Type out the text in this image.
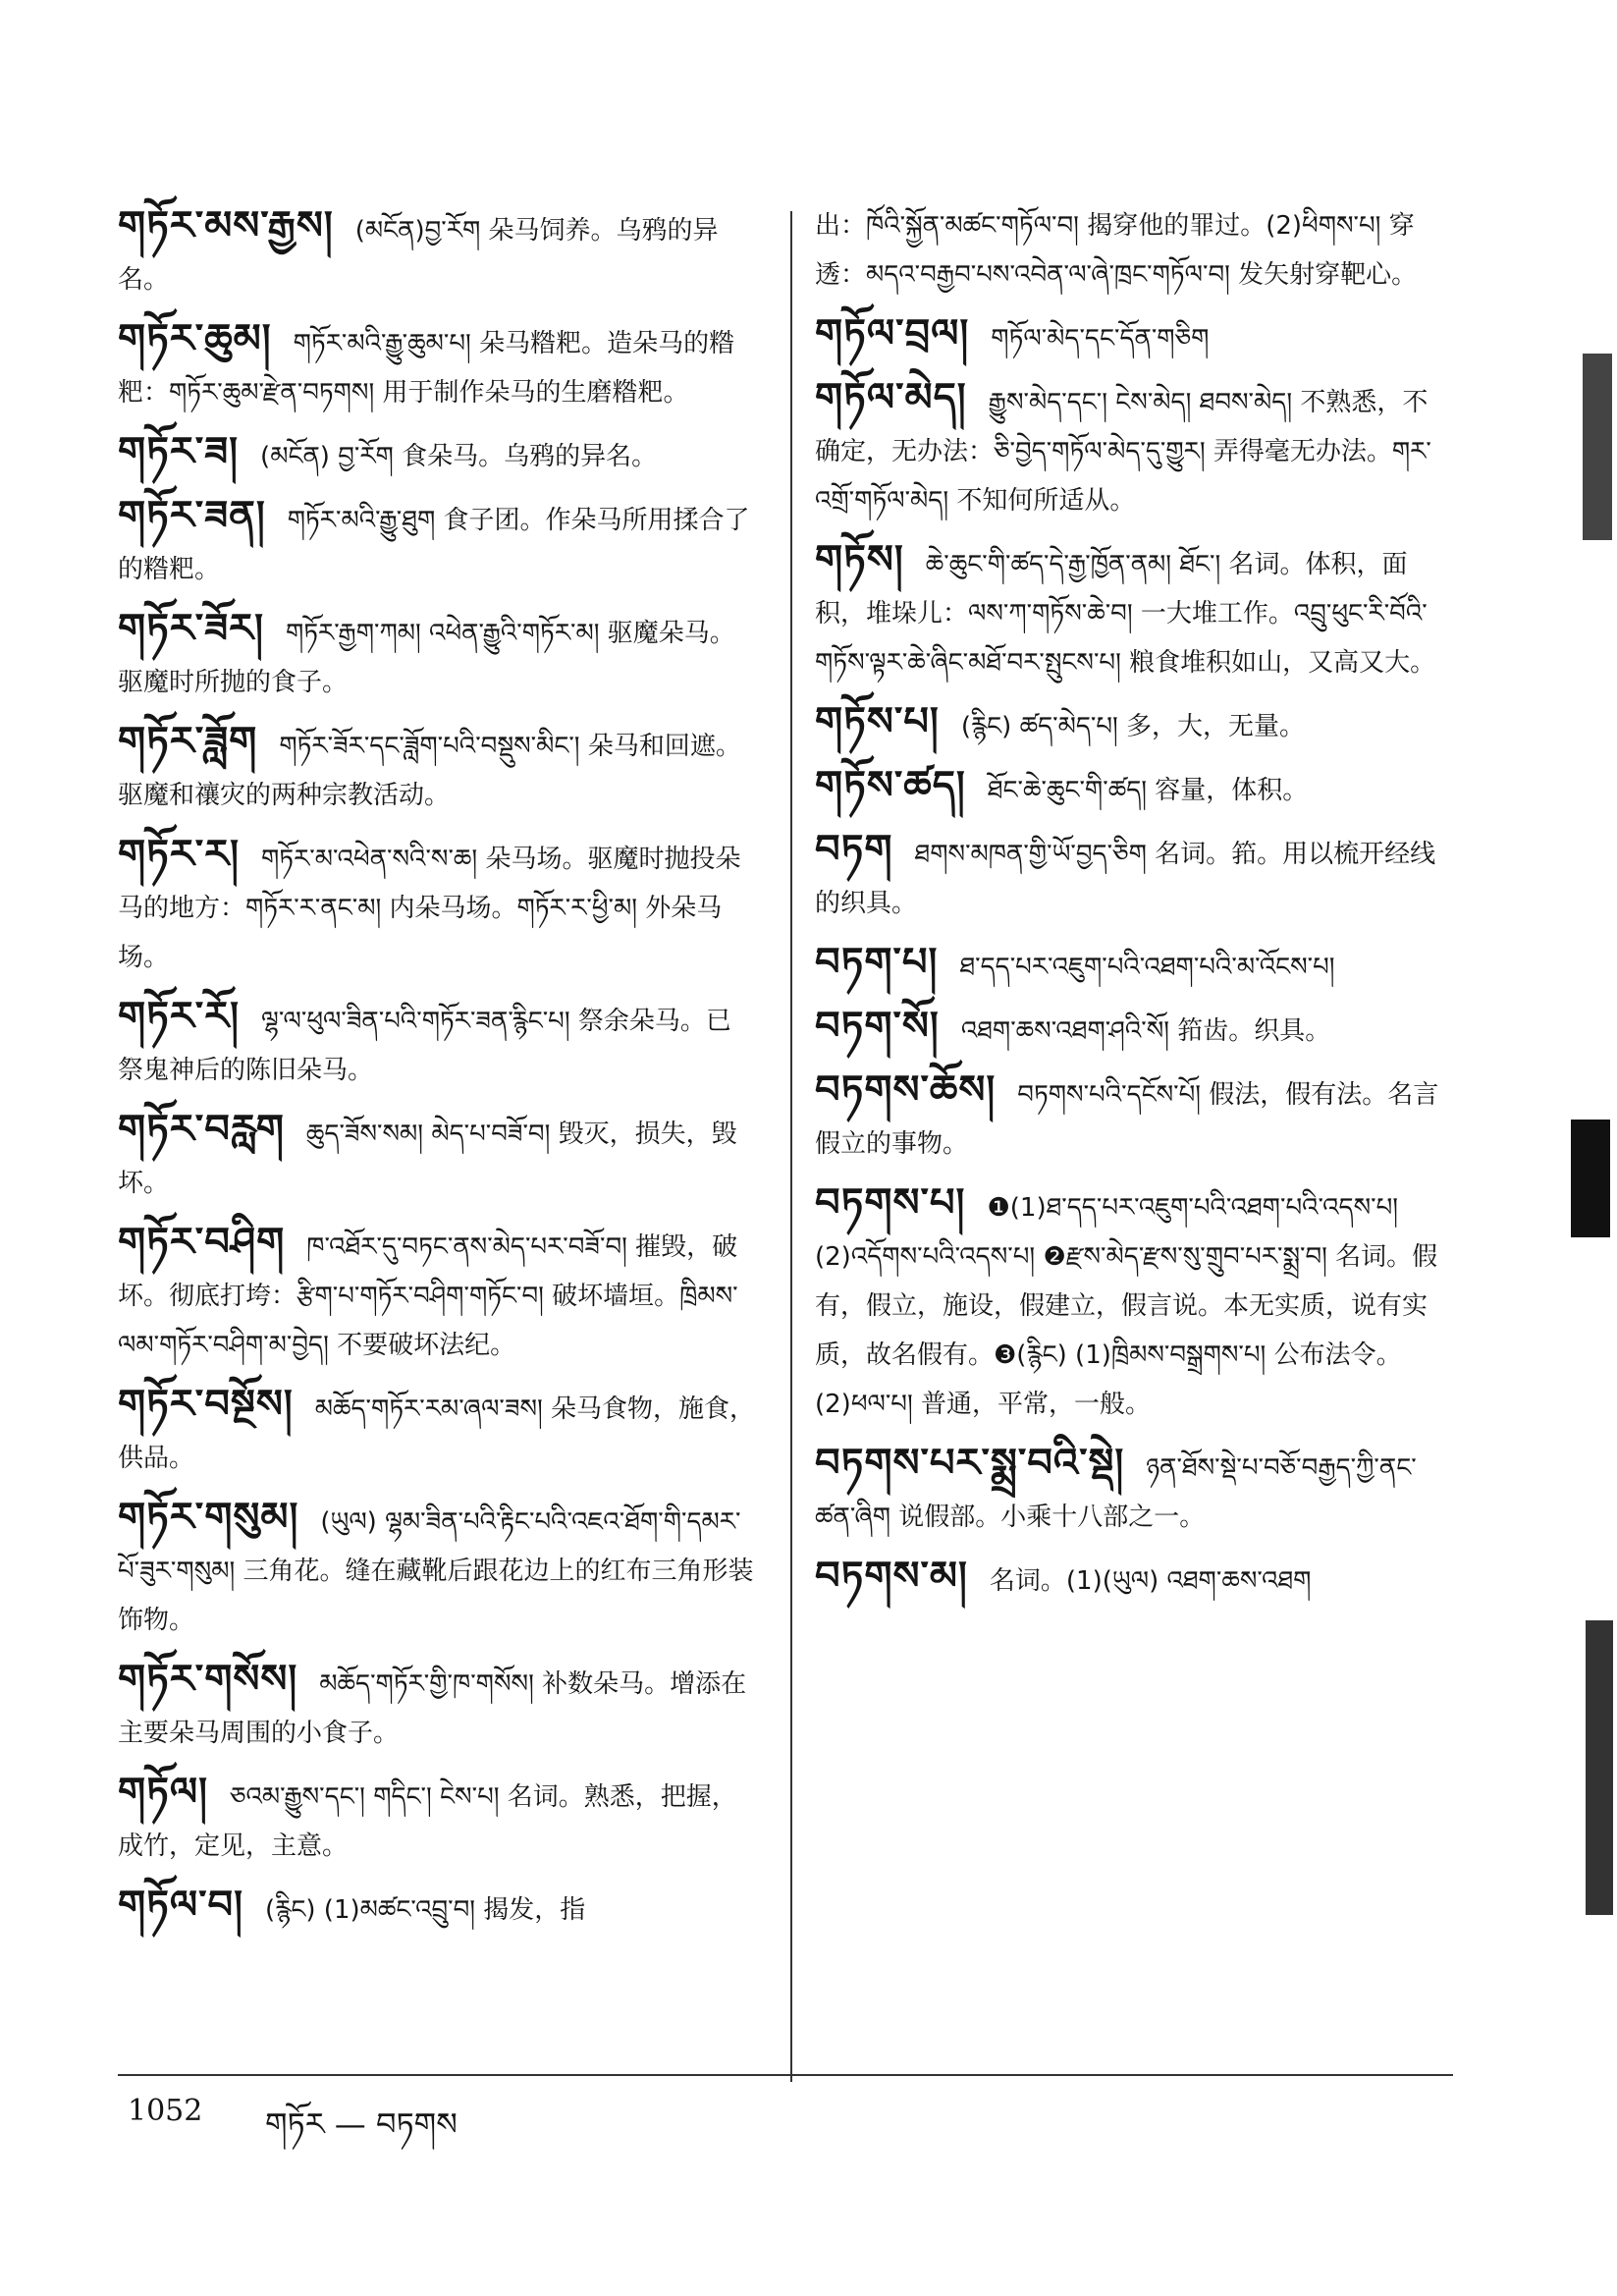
གཏོར་མས་རྒྱས། (མངོན)བྱ་རོག 朵马饲养。乌鸦的异名。
གཏོར་ཆུམ། གཏོར་མའི་རྒྱུ་ཆུམ་པ། 朵马糌粑。造朵马的糌粑：གཏོར་ཆུམ་རྫེན་བཏགས། 用于制作朵马的生磨糌粑。
གཏོར་ཟ། (མངོན) བྱ་རོག 食朵马。乌鸦的异名。
གཏོར་ཟན། གཏོར་མའི་རྒྱུ་ཐུག 食子团。作朵马所用揉合了的糌粑。
གཏོར་ཟོར། གཏོར་རྒྱག་ཀམ། འཕེན་རྒྱུའི་གཏོར་མ། 驱魔朵马。驱魔时所抛的食子。
གཏོར་ཟློག གཏོར་ཟོར་དང་ཟློག་པའི་བསྡུས་མིང་། 朵马和回遮。驱魔和禳灾的两种宗教活动。
གཏོར་ར། གཏོར་མ་འཕེན་སའི་ས་ཆ། 朵马场。驱魔时抛投朵马的地方：གཏོར་ར་ནང་མ། 内朵马场。གཏོར་ར་ཕྱི་མ། 外朵马场。
གཏོར་རོ། ལྷ་ལ་ཕུལ་ཟིན་པའི་གཏོར་ཟན་རྙིང་པ། 祭余朵马。已祭鬼神后的陈旧朵马。
གཏོར་བརླག ཆུད་ཟོས་སམ། མེད་པ་བཟོ་བ། 毁灭，损失，毁坏。
གཏོར་བཤིག ཁ་འཐོར་དུ་བཏང་ནས་མེད་པར་བཟོ་བ། 摧毁，破坏。彻底打垮：རྩིག་པ་གཏོར་བཤིག་གཏོང་བ། 破坏墙垣。ཁྲིམས་ལམ་གཏོར་བཤིག་མ་བྱེད། 不要破坏法纪。
གཏོར་བསྔོས། མཆོད་གཏོར་རམ་ཞལ་ཟས། 朵马食物，施食，供品。
གཏོར་གསུམ། (ཡུལ) ལྷམ་ཟིན་པའི་རྟིང་པའི་འཇའ་ཐོག་གི་དམར་པོ་ཟུར་གསུམ། 三角花。缝在藏靴后跟花边上的红布三角形装饰物。
གཏོར་གསོས། མཆོད་གཏོར་གྱི་ཁ་གསོས། 补数朵马。增添在主要朵马周围的小食子。
གཏོལ། ཅའམ་རྒྱུས་དང་། གདིང་། ངེས་པ། 名词。熟悉，把握，成竹，定见，主意。
གཏོལ་བ། (རྙིང) (1)མཚང་འབྲུ་བ། 揭发，指
出：ཁོའི་སྐྱོན་མཚང་གཏོལ་བ། 揭穿他的罪过。(2)ཕིགས་པ། 穿透：མདའ་བརྒྱབ་པས་འབེན་ལ་ཞེ་ཁྲང་གཏོལ་བ། 发矢射穿靶心。
གཏོལ་བྲལ། གཏོལ་མེད་དང་དོན་གཅིག
གཏོལ་མེད། རྒྱུས་མེད་དང་། ངེས་མེད། ཐབས་མེད། 不熟悉，不确定，无办法：ཅི་བྱེད་གཏོལ་མེད་དུ་གྱུར། 弄得毫无办法。གར་འགྲོ་གཏོལ་མེད། 不知何所适从。
གཏོས། ཆེ་ཆུང་གི་ཚད་དེ་རྒྱ་ཁྱོན་ནམ། ཐོང་། 名词。体积，面积，堆垛儿：ལས་ཀ་གཏོས་ཆེ་བ། 一大堆工作。འབྲུ་ཕུང་རི་བོའི་གཏོས་ལྟར་ཆེ་ཞིང་མཐོ་བར་སྤུངས་པ། 粮食堆积如山，又高又大。
གཏོས་པ། (རྙིང) ཚད་མེད་པ། 多，大，无量。
གཏོས་ཚད། ཐོང་ཆེ་ཆུང་གི་ཚད། 容量，体积。
བཏག ཐགས་མཁན་གྱི་ཡོ་བྱད་ཅིག 名词。筘。用以梳开经线的织具。
བཏག་པ། ཐ་དད་པར་འཇུག་པའི་འཐག་པའི་མ་འོངས་པ།
བཏག་སོ། འཐག་ཆས་འཐག་ཤའི་སོ། 筘齿。织具。
བཏགས་ཆོས། བཏགས་པའི་དངོས་པོ། 假法，假有法。名言假立的事物。
བཏགས་པ། ❶(1)ཐ་དད་པར་འཇུག་པའི་འཐག་པའི་འདས་པ། (2)འདོགས་པའི་འདས་པ། ❷རྫས་མེད་རྫས་སུ་གྲུབ་པར་སྨྲ་བ། 名词。假有，假立，施设，假建立，假言说。本无实质，说有实质，故名假有。❸(རྙིང) (1)ཁྲིམས་བསྒྲགས་པ། 公布法令。(2)ཕལ་པ། 普通，平常，一般。
བཏགས་པར་སྨྲ་བའི་སྡེ། ཉན་ཐོས་སྡེ་པ་བཅོ་བརྒྱད་ཀྱི་ནང་ཚན་ཞིག 说假部。小乘十八部之一。
བཏགས་མ། 名词。(1)(ཡུལ) འཐག་ཆས་འཐག
1052 གཏོར — བཏགས
